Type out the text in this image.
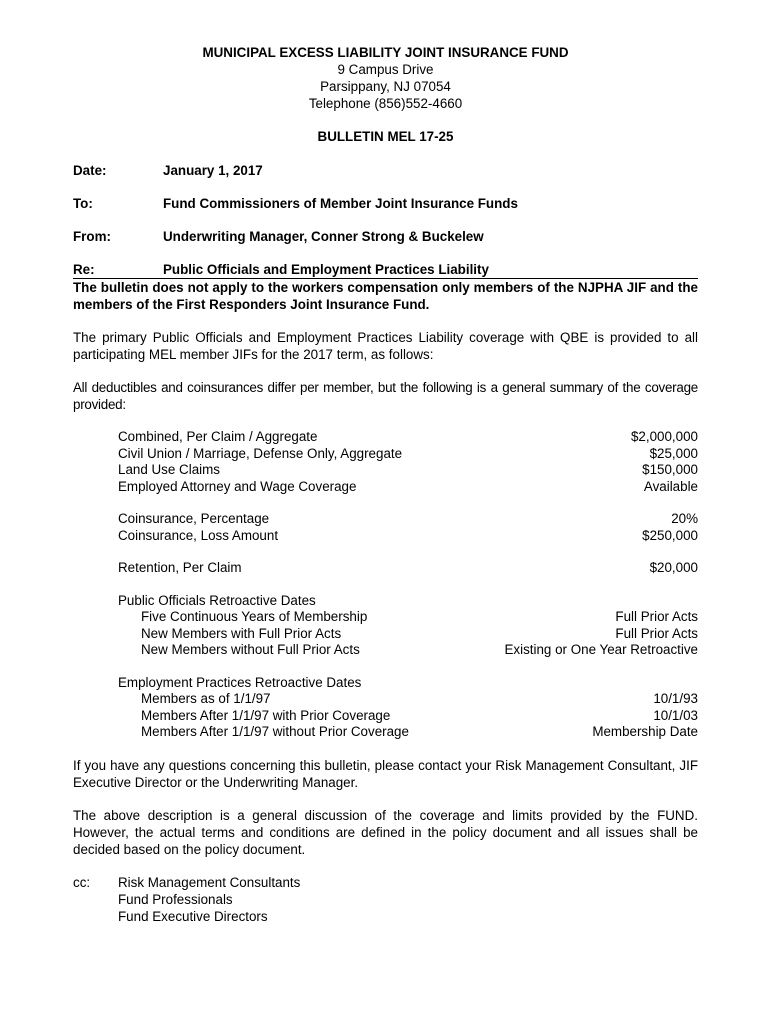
MUNICIPAL EXCESS LIABILITY JOINT INSURANCE FUND
9 Campus Drive
Parsippany, NJ 07054
Telephone (856)552-4660
BULLETIN MEL 17-25
Date:	January 1, 2017
To:	Fund Commissioners of Member Joint Insurance Funds
From:	Underwriting Manager, Conner Strong & Buckelew
Re:	Public Officials and Employment Practices Liability
The bulletin does not apply to the workers compensation only members of the NJPHA JIF and the members of the First Responders Joint Insurance Fund.
The primary Public Officials and Employment Practices Liability coverage with QBE is provided to all participating MEL member JIFs for the 2017 term, as follows:
All deductibles and coinsurances differ per member, but the following is a general summary of the coverage provided:
Combined, Per Claim / Aggregate	$2,000,000
Civil Union / Marriage, Defense Only, Aggregate	$25,000
Land Use Claims	$150,000
Employed Attorney and Wage Coverage	Available
Coinsurance, Percentage	20%
Coinsurance, Loss Amount	$250,000
Retention, Per Claim	$20,000
Public Officials Retroactive Dates
Five Continuous Years of Membership	Full Prior Acts
New Members with Full Prior Acts	Full Prior Acts
New Members without Full Prior Acts	Existing or One Year Retroactive
Employment Practices Retroactive Dates
Members as of 1/1/97	10/1/93
Members After 1/1/97 with Prior Coverage	10/1/03
Members After 1/1/97 without Prior Coverage	Membership Date
If you have any questions concerning this bulletin, please contact your Risk Management Consultant, JIF Executive Director or the Underwriting Manager.
The above description is a general discussion of the coverage and limits provided by the FUND. However, the actual terms and conditions are defined in the policy document and all issues shall be decided based on the policy document.
cc:	Risk Management Consultants
Fund Professionals
Fund Executive Directors
